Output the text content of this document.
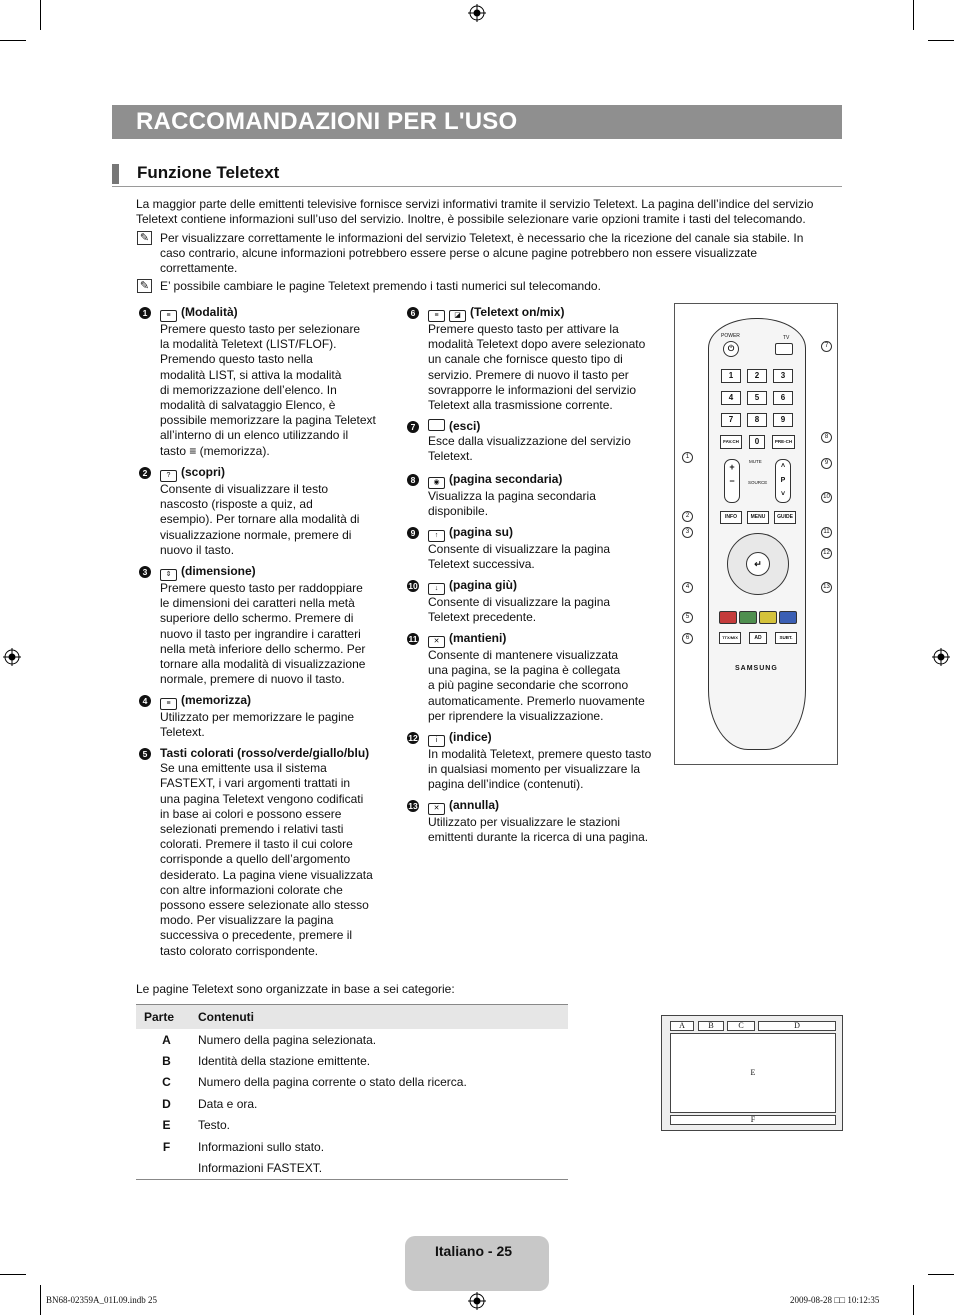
RACCOMANDAZIONI PER L'USO
Funzione Teletext
La maggior parte delle emittenti televisive fornisce servizi informativi tramite il servizio Teletext. La pagina dell’indice del servizio Teletext contiene informazioni sull’uso del servizio. Inoltre, è possibile selezionare varie opzioni tramite i tasti del telecomando.
✎ Per visualizzare correttamente le informazioni del servizio Teletext, è necessario che la ricezione del canale sia stabile. In caso contrario, alcune informazioni potrebbero essere perse o alcune pagine potrebbero non essere visualizzate correttamente.
✎ E’ possibile cambiare le pagine Teletext premendo i tasti numerici sul telecomando.
1	≡ (Modalità)
Premere questo tasto per selezionare
la modalità Teletext (LIST/FLOF).
Premendo questo tasto nella
modalità LIST, si attiva la modalità
di memorizzazione dell’elenco. In
modalità di salvataggio Elenco, è
possibile memorizzare la pagina Teletext
all’interno di un elenco utilizzando il
tasto ≡ (memorizza).
2	? (scopri)
Consente di visualizzare il testo
nascosto (risposte a quiz, ad
esempio). Per tornare alla modalità di
visualizzazione normale, premere di
nuovo il tasto.
3	⇕ (dimensione)
Premere questo tasto per raddoppiare
le dimensioni dei caratteri nella metà
superiore dello schermo. Premere di
nuovo il tasto per ingrandire i caratteri
nella metà inferiore dello schermo. Per
tornare alla modalità di visualizzazione
normale, premere di nuovo il tasto.
4	≡ (memorizza)
Utilizzato per memorizzare le pagine
Teletext.
5	Tasti colorati (rosso/verde/giallo/blu)
Se una emittente usa il sistema
FASTEXT, i vari argomenti trattati in
una pagina Teletext vengono codificati
in base ai colori e possono essere
selezionati premendo i relativi tasti
colorati. Premere il tasto il cui colore
corrisponde a quello dell’argomento
desiderato. La pagina viene visualizzata
con altre informazioni colorate che
possono essere selezionate allo stesso
modo. Per visualizzare la pagina
successiva o precedente, premere il
tasto colorato corrispondente.
6	≡ ◪ (Teletext on/mix)
Premere questo tasto per attivare la
modalità Teletext dopo avere selezionato
un canale che fornisce questo tipo di
servizio. Premere di nuovo il tasto per
sovrapporre le informazioni del servizio
Teletext alla trasmissione corrente.
7	(esci)
Esce dalla visualizzazione del servizio
Teletext.
8	◉ (pagina secondaria)
Visualizza la pagina secondaria
disponibile.
9	↑ (pagina su)
Consente di visualizzare la pagina
Teletext successiva.
10	↓ (pagina giù)
Consente di visualizzare la pagina
Teletext precedente.
11	✕ (mantieni)
Consente di mantenere visualizzata
una pagina, se la pagina è collegata
a più pagine secondarie che scorrono
automaticamente. Premerlo nuovamente
per riprendere la visualizzazione.
12	i (indice)
In modalità Teletext, premere questo tasto
in qualsiasi momento per visualizzare la
pagina dell’indice (contenuti).
13	✕ (annulla)
Utilizzato per visualizzare le stazioni
emittenti durante la ricerca di una pagina.
POWER
⏻
TV
1	2	3
4	5	6
7	8	9
FAV.CH	0	PRE-CH
+
−
MUTE
SOURCE
˄
P
˅
INFO	MENU	GUIDE
↵
TTX/MIX	AD	SUBT.
SAMSUNG
1
2
3
4
5
6
7
8
9
10
11
12
13
Le pagine Teletext sono organizzate in base a sei categorie:
Parte	Contenuti
A	Numero della pagina selezionata.
B	Identità della stazione emittente.
C	Numero della pagina corrente o stato della ricerca.
D	Data e ora.
E	Testo.
F	Informazioni sullo stato.
	Informazioni FASTEXT.
A	B	C	D
E
F
Italiano - 25
BN68-02359A_01L09.indb 25	2009-08-28 □□ 10:12:35
